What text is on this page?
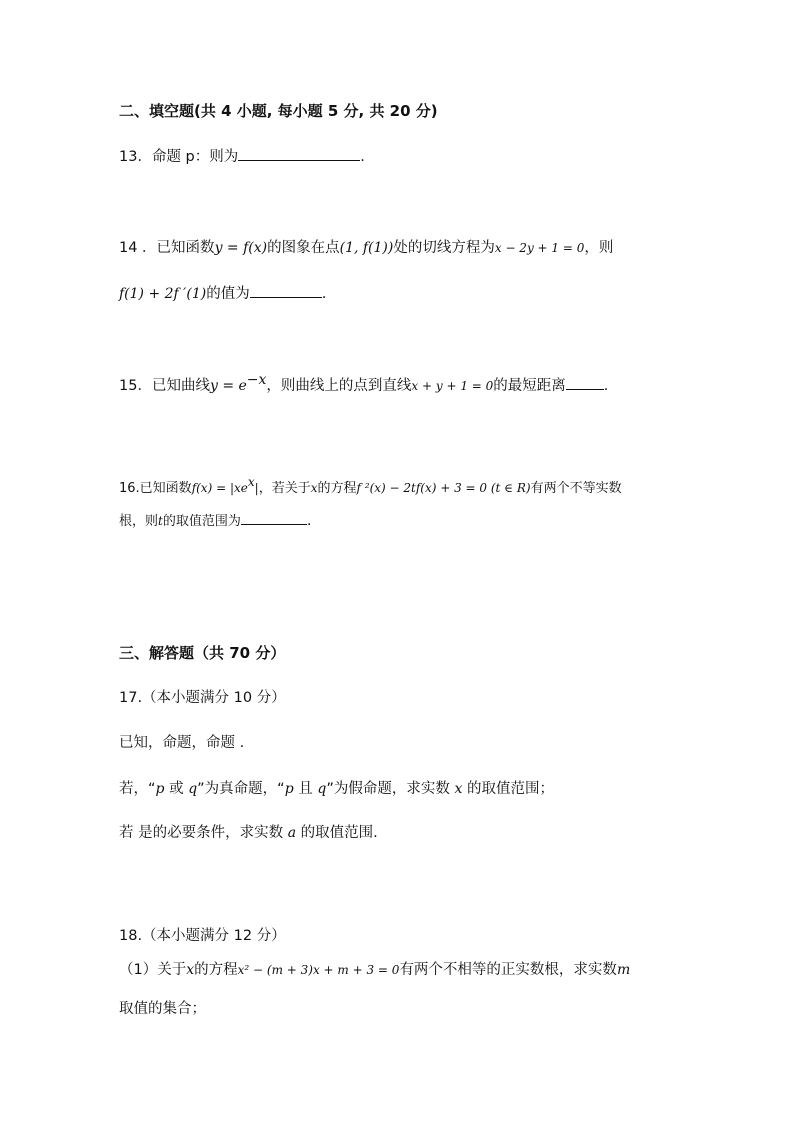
二、填空题(共 4 小题, 每小题 5 分, 共 20 分)
13．命题 p：则为	.
14 ．已知函数y = f(x)的图象在点(1, f(1))处的切线方程为x − 2y + 1 = 0，则
f(1) + 2f ′(1)的值为	.
15．已知曲线$y = e^{-x}$，则曲线上的点到直线x + y + 1 = 0的最短距离	.
16.已知函数$f(x) = |xe^x|$，若关于x的方程f ²(x) − 2tf(x) + 3 = 0 (t ∈ R)有两个不等实数
根，则t的取值范围为	.
三、解答题（共 70 分）
17.（本小题满分 10 分）
已知，命题，命题 .
若，“p 或 q”为真命题，“p 且 q”为假命题，求实数 x 的取值范围；
若 是的必要条件，求实数 a 的取值范围.
18.（本小题满分 12 分）
（1）关于x的方程x² − (m + 3)x + m + 3 = 0有两个不相等的正实数根，求实数m
取值的集合；
